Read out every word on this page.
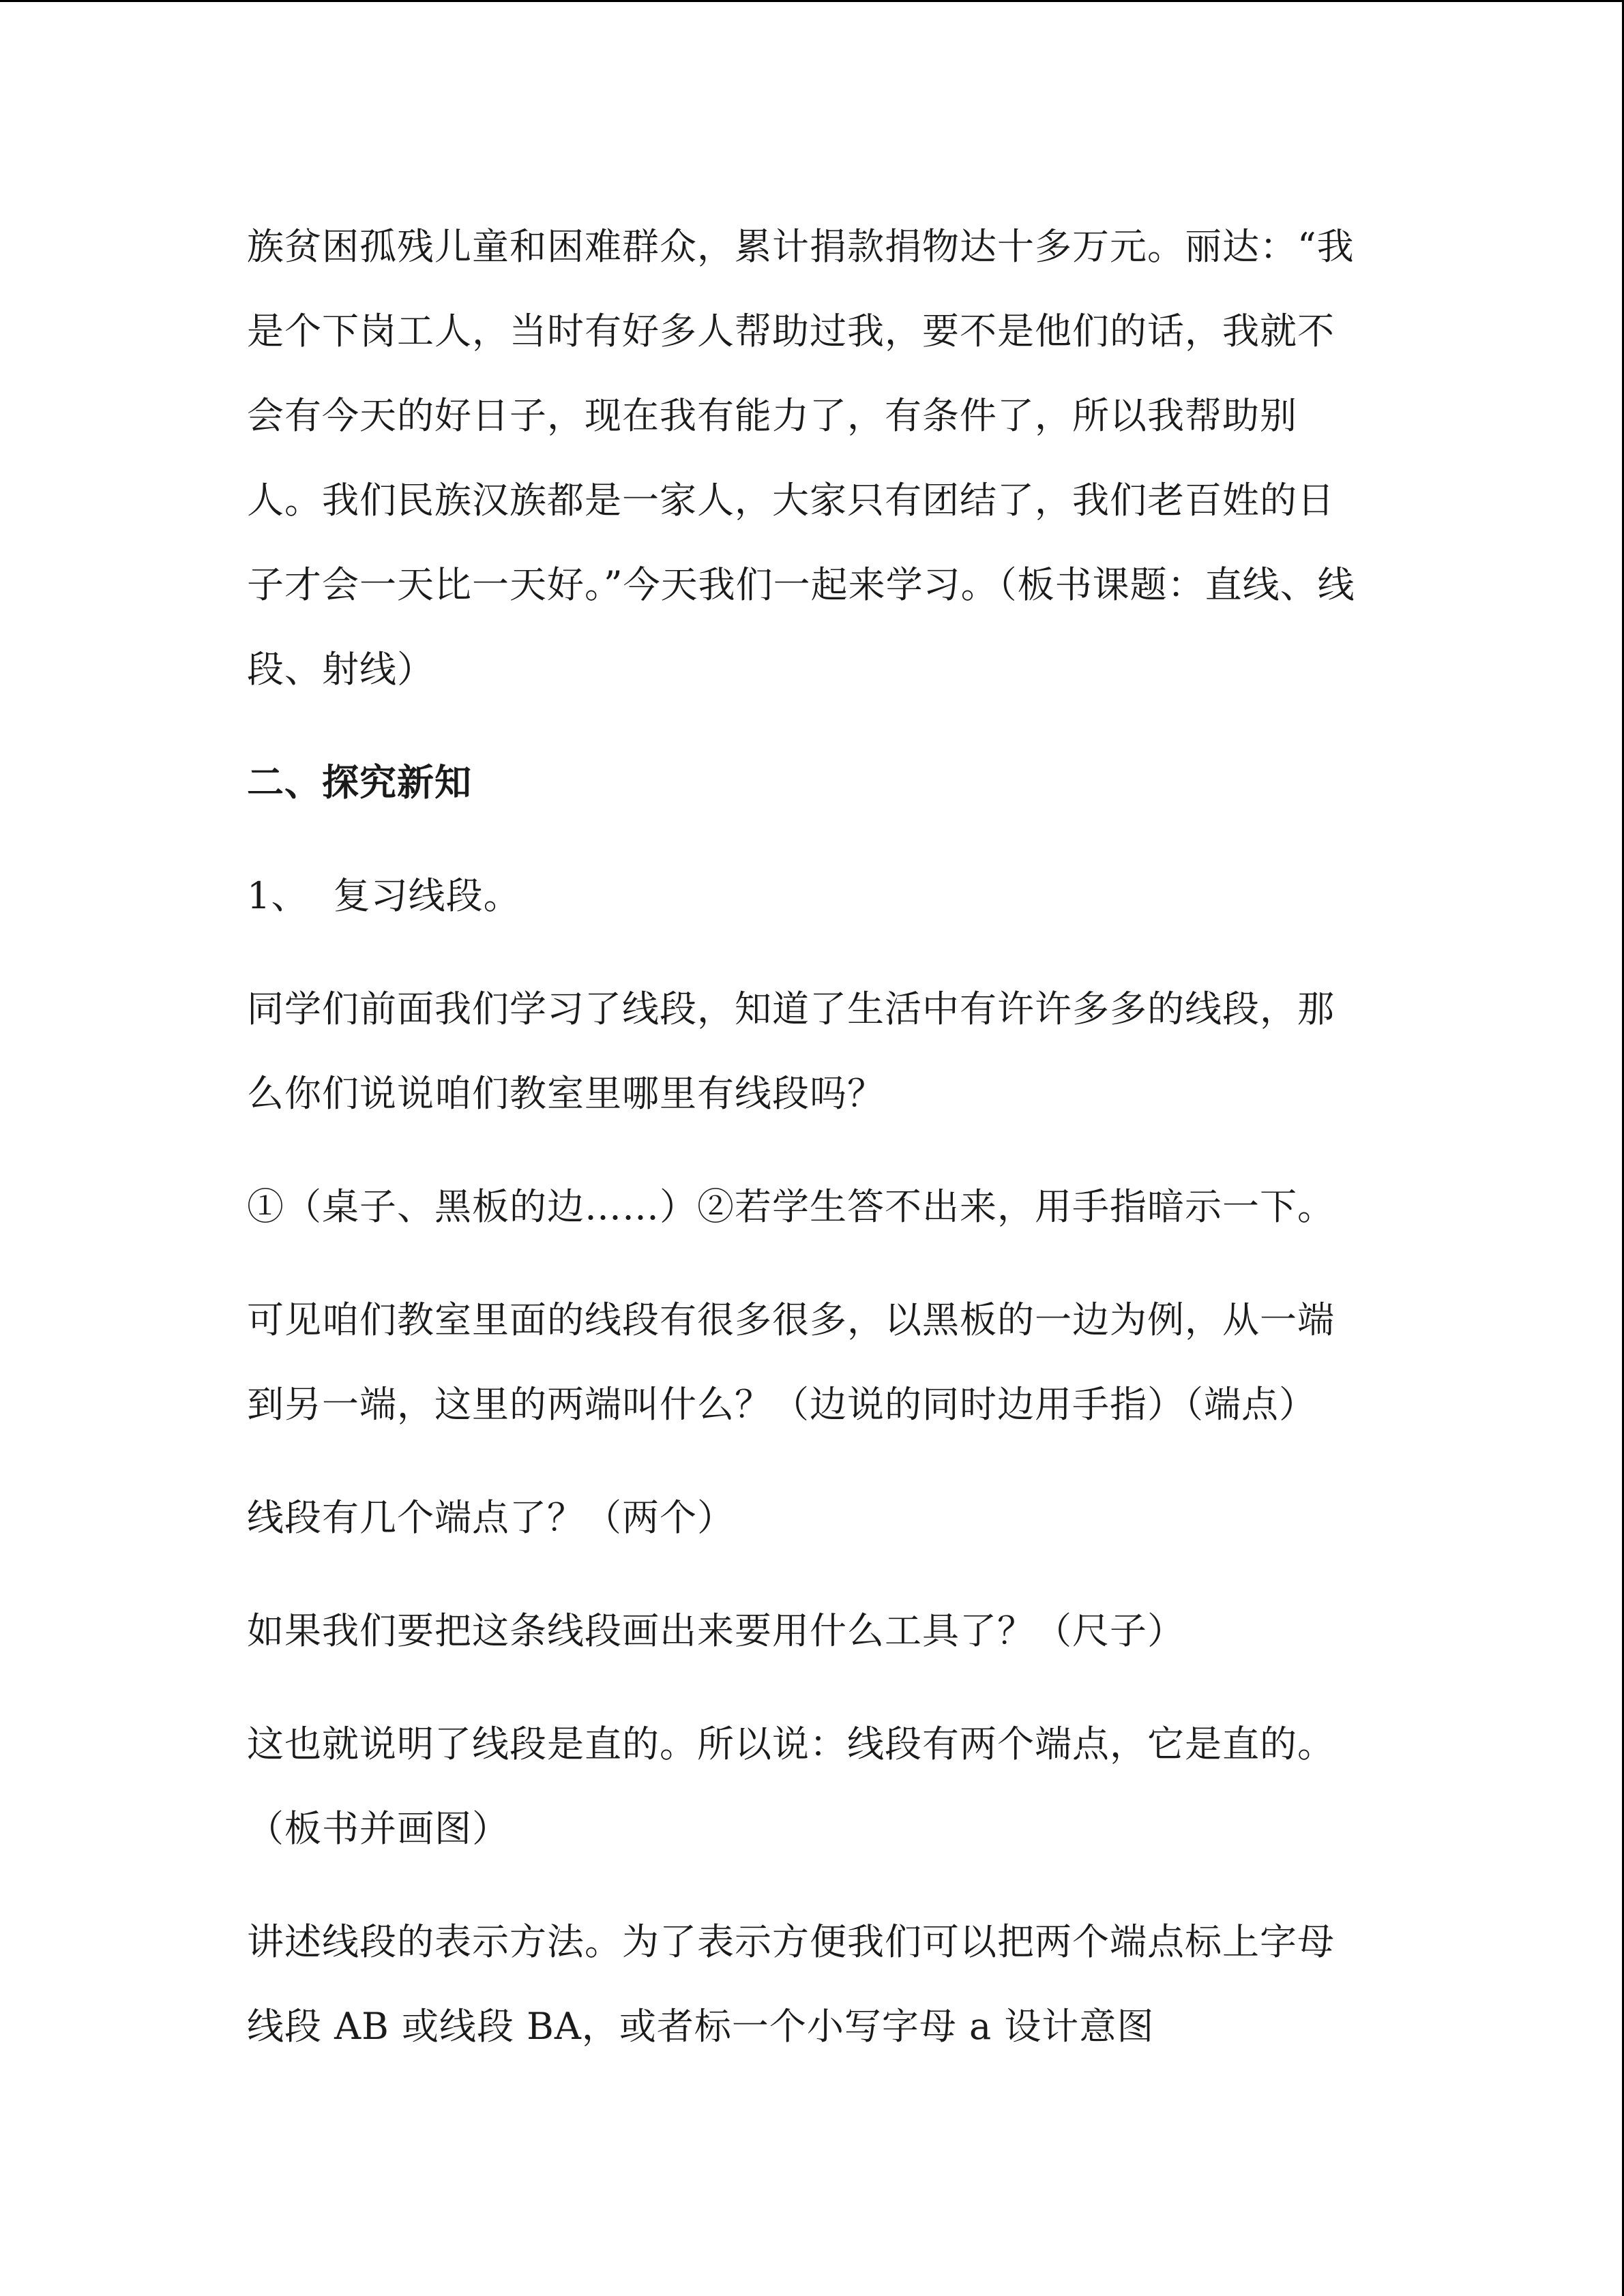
族贫困孤残儿童和困难群众，累计捐款捐物达十多万元。丽达：“我是个下岗工人，当时有好多人帮助过我，要不是他们的话，我就不会有今天的好日子，现在我有能力了，有条件了，所以我帮助别人。我们民族汉族都是一家人，大家只有团结了，我们老百姓的日子才会一天比一天好。”今天我们一起来学习。（板书课题：直线、线段、射线）

二、探究新知

1、  复习线段。

同学们前面我们学习了线段，知道了生活中有许许多多的线段，那么你们说说咱们教室里哪里有线段吗？

①（桌子、黑板的边……）②若学生答不出来，用手指暗示一下。

可见咱们教室里面的线段有很多很多，以黑板的一边为例，从一端到另一端，这里的两端叫什么？（边说的同时边用手指）（端点）

线段有几个端点了？（两个）

如果我们要把这条线段画出来要用什么工具了？（尺子）

这也就说明了线段是直的。所以说：线段有两个端点，它是直的。（板书并画图）

讲述线段的表示方法。为了表示方便我们可以把两个端点标上字母线段 AB 或线段 BA，或者标一个小写字母 a 设计意图
